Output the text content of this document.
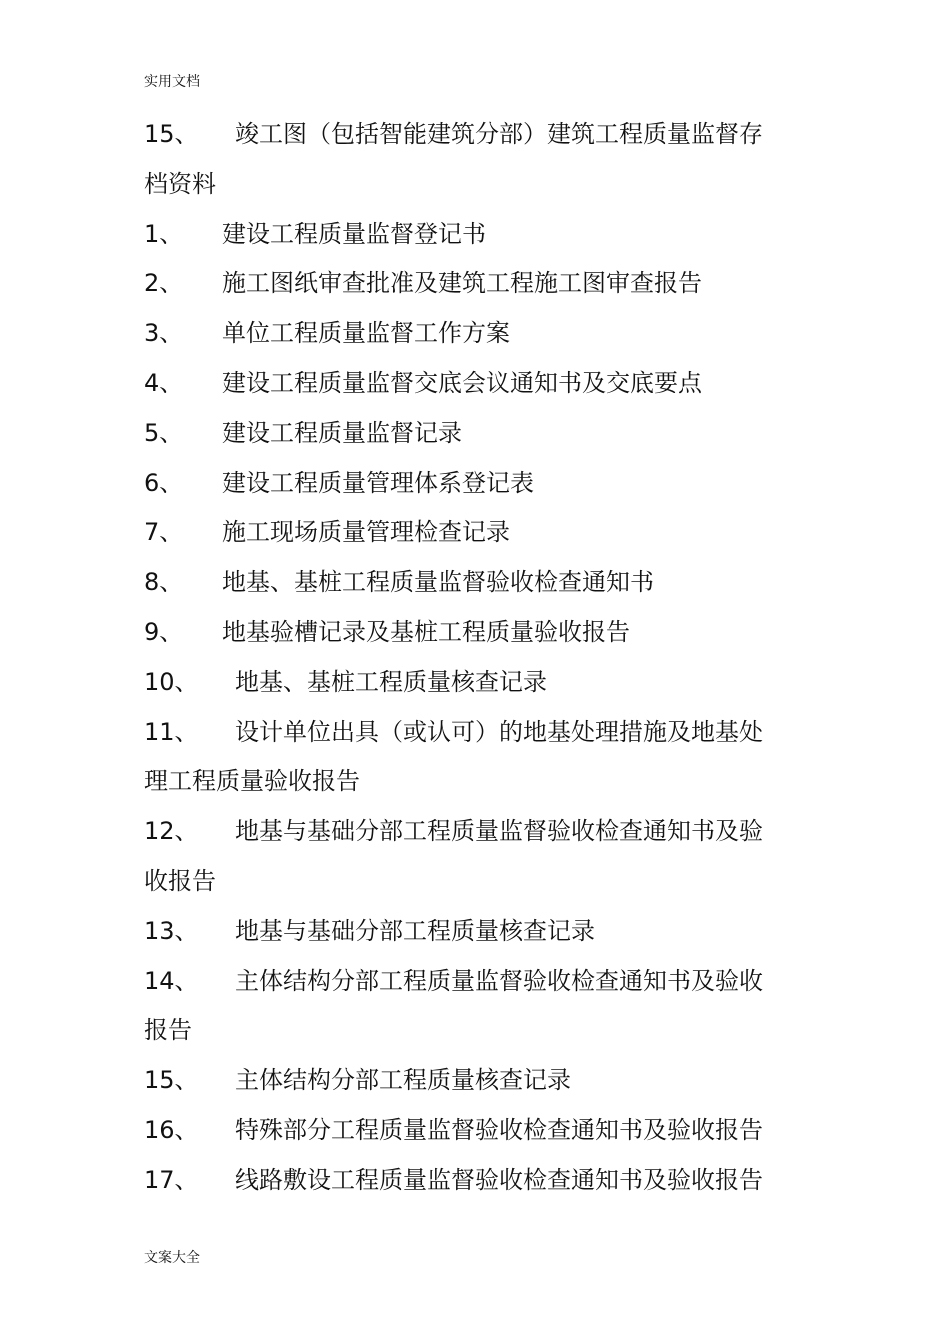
实用文档
15、 竣工图（包括智能建筑分部）建筑工程质量监督存
档资料
1、 建设工程质量监督登记书
2、 施工图纸审查批准及建筑工程施工图审查报告
3、 单位工程质量监督工作方案
4、 建设工程质量监督交底会议通知书及交底要点
5、 建设工程质量监督记录
6、 建设工程质量管理体系登记表
7、 施工现场质量管理检查记录
8、 地基、基桩工程质量监督验收检查通知书
9、 地基验槽记录及基桩工程质量验收报告
10、 地基、基桩工程质量核查记录
11、 设计单位出具（或认可）的地基处理措施及地基处
理工程质量验收报告
12、 地基与基础分部工程质量监督验收检查通知书及验
收报告
13、 地基与基础分部工程质量核查记录
14、 主体结构分部工程质量监督验收检查通知书及验收
报告
15、 主体结构分部工程质量核查记录
16、 特殊部分工程质量监督验收检查通知书及验收报告
17、 线路敷设工程质量监督验收检查通知书及验收报告
文案大全
